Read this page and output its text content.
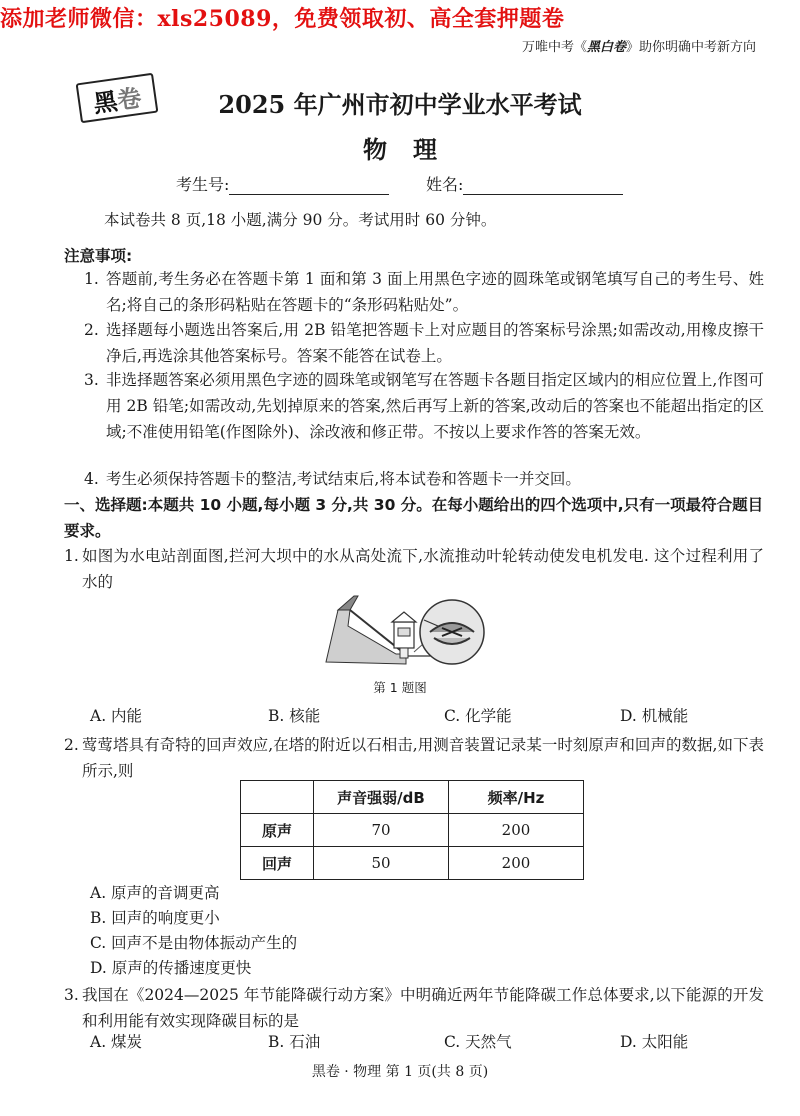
添加老师微信：xls25089，免费领取初、高全套押题卷
万唯中考《黑白卷》助你明确中考新方向
黑
卷	2025 年广州市初中学业水平考试
物理
考生号:	姓名:
本试卷共 8 页,18 小题,满分 90 分。考试用时 60 分钟。
注意事项:
1. 答题前,考生务必在答题卡第 1 面和第 3 面上用黑色字迹的圆珠笔或钢笔填写自己的考生号、姓名;将自己的条形码粘贴在答题卡的“条形码粘贴处”。
2. 选择题每小题选出答案后,用 2B 铅笔把答题卡上对应题目的答案标号涂黑;如需改动,用橡皮擦干净后,再选涂其他答案标号。答案不能答在试卷上。
3. 非选择题答案必须用黑色字迹的圆珠笔或钢笔写在答题卡各题目指定区域内的相应位置上,作图可用 2B 铅笔;如需改动,先划掉原来的答案,然后再写上新的答案,改动后的答案也不能超出指定的区域;不准使用铅笔(作图除外)、涂改液和修正带。不按以上要求作答的答案无效。
4. 考生必须保持答题卡的整洁,考试结束后,将本试卷和答题卡一并交回。
一、选择题:本题共 10 小题,每小题 3 分,共 30 分。在每小题给出的四个选项中,只有一项最符合题目要求。
1. 如图为水电站剖面图,拦河大坝中的水从高处流下,水流推动叶轮转动使发电机发电. 这个过程利用了水的
第 1 题图
A. 内能	B. 核能	C. 化学能	D. 机械能
2. 莺莺塔具有奇特的回声效应,在塔的附近以石相击,用测音装置记录某一时刻原声和回声的数据,如下表所示,则
	声音强弱/dB	频率/Hz
原声	70	200
回声	50	200
A. 原声的音调更高
B. 回声的响度更小
C. 回声不是由物体振动产生的
D. 原声的传播速度更快
3. 我国在《2024—2025 年节能降碳行动方案》中明确近两年节能降碳工作总体要求,以下能源的开发和利用能有效实现降碳目标的是
A. 煤炭	B. 石油	C. 天然气	D. 太阳能
黑卷 · 物理 第 1 页(共 8 页)
